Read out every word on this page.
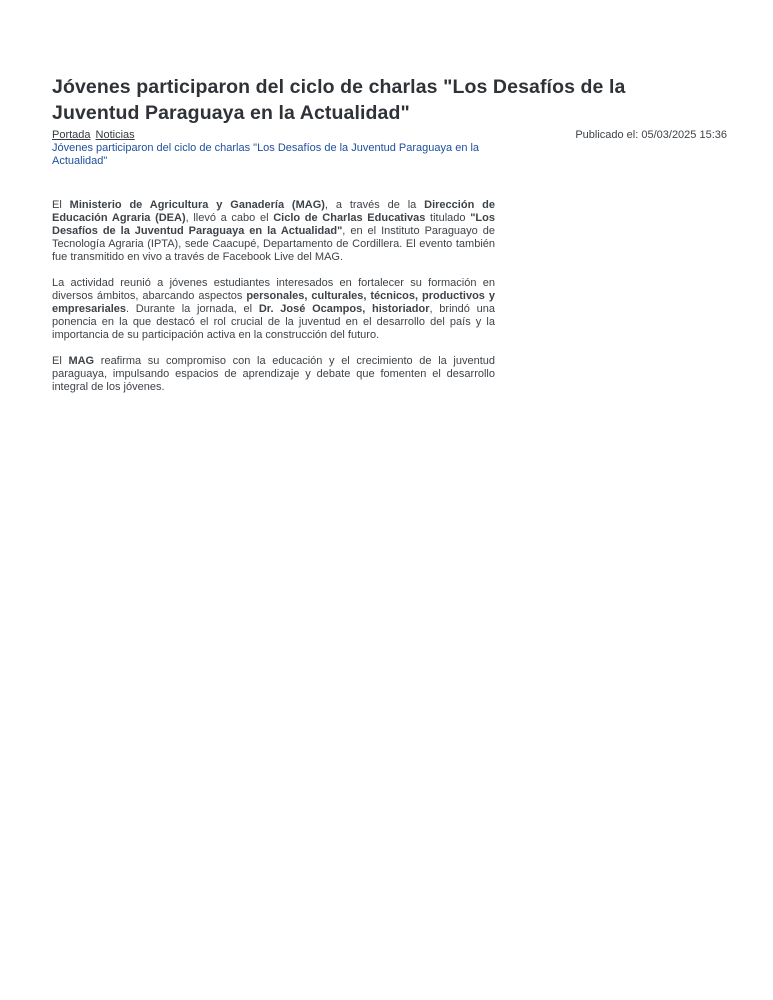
Jóvenes participaron del ciclo de charlas "Los Desafíos de la Juventud Paraguaya en la Actualidad"
Portada Noticias	Publicado el: 05/03/2025 15:36
Jóvenes participaron del ciclo de charlas "Los Desafíos de la Juventud Paraguaya en la Actualidad"

El Ministerio de Agricultura y Ganadería (MAG), a través de la Dirección de Educación Agraria (DEA), llevó a cabo el Ciclo de Charlas Educativas titulado "Los Desafíos de la Juventud Paraguaya en la Actualidad", en el Instituto Paraguayo de Tecnología Agraria (IPTA), sede Caacupé, Departamento de Cordillera. El evento también fue transmitido en vivo a través de Facebook Live del MAG.

La actividad reunió a jóvenes estudiantes interesados en fortalecer su formación en diversos ámbitos, abarcando aspectos personales, culturales, técnicos, productivos y empresariales. Durante la jornada, el Dr. José Ocampos, historiador, brindó una ponencia en la que destacó el rol crucial de la juventud en el desarrollo del país y la importancia de su participación activa en la construcción del futuro.

El MAG reafirma su compromiso con la educación y el crecimiento de la juventud paraguaya, impulsando espacios de aprendizaje y debate que fomenten el desarrollo integral de los jóvenes.
